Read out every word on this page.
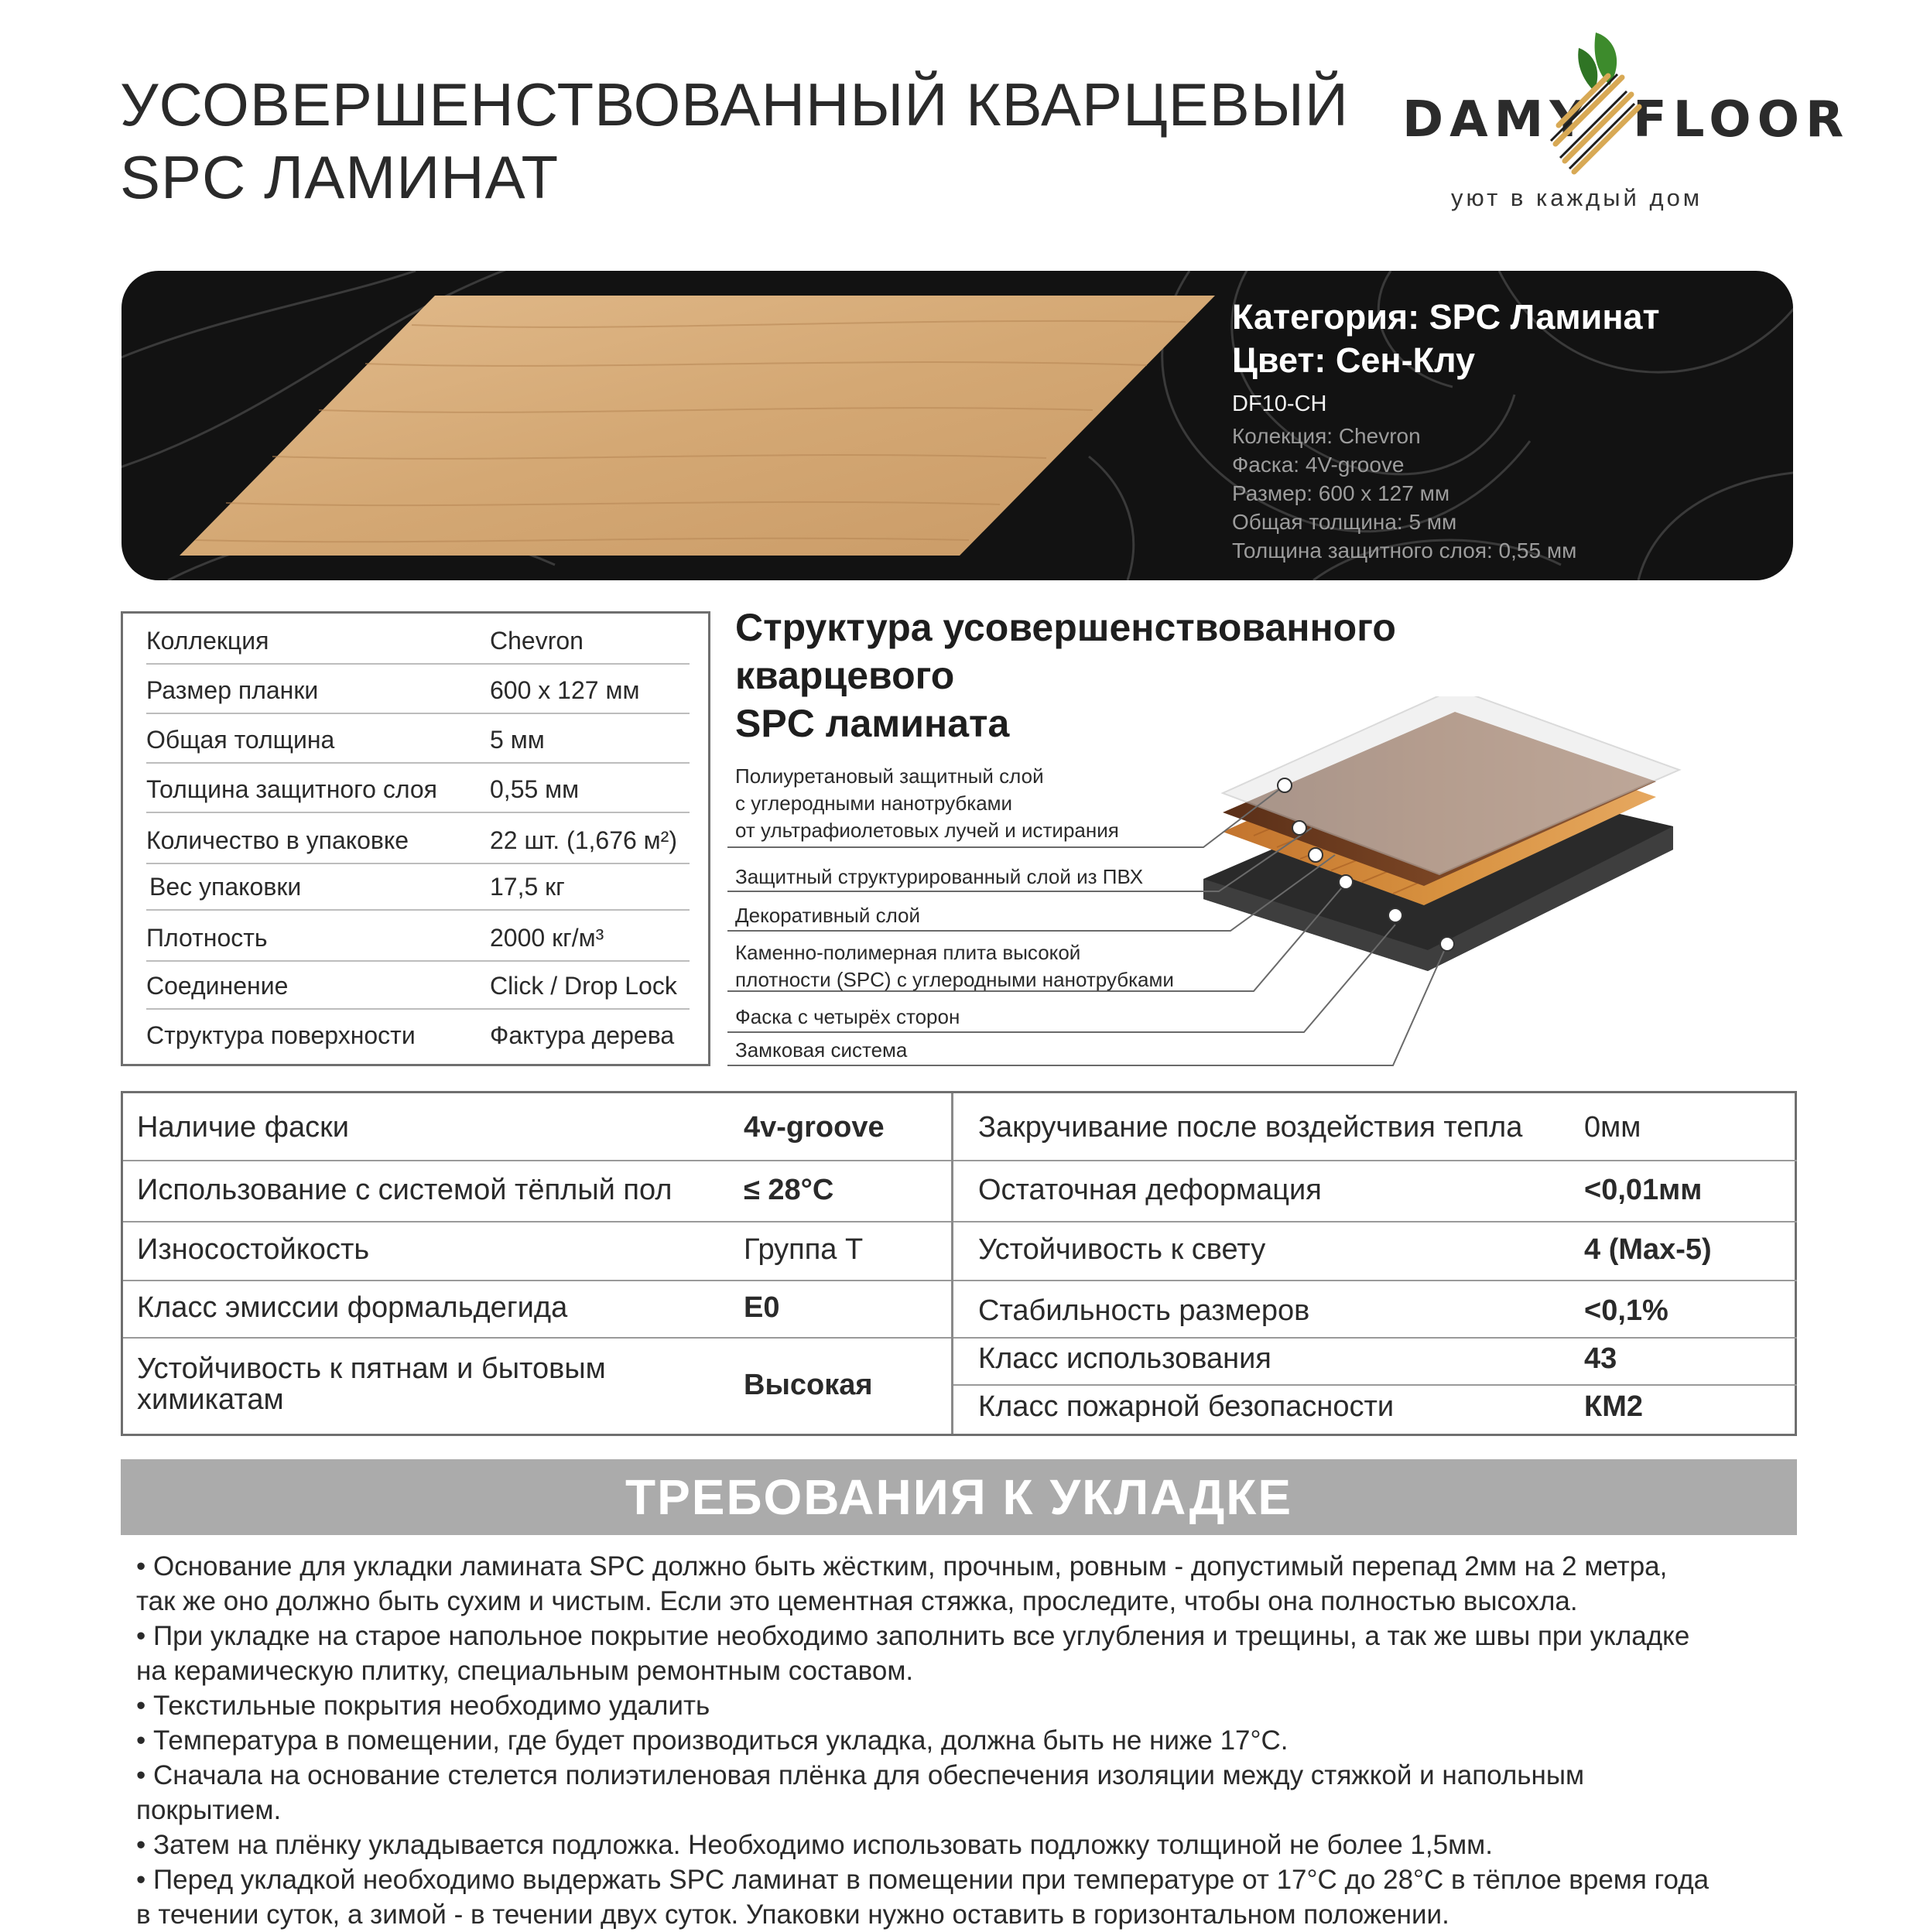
УСОВЕРШЕНСТВОВАННЫЙ КВАРЦЕВЫЙ
SPC ЛАМИНАТ
DAMY FLOOR
уют в каждый дом
Категория: SPC Ламинат
Цвет: Сен-Клу
DF10-CH
Колекция: Chevron
Фаска: 4V-groove
Размер: 600 х 127 мм
Общая толщина: 5 мм
Толщина защитного слоя: 0,55 мм
Коллекция	Chevron
Размер планки	600 х 127 мм
Общая толщина	5 мм
Толщина защитного слоя 0,55 мм
Количество в упаковке	22 шт. (1,676 м²)
Вес упаковки	17,5 кг
Плотность	2000 кг/м³
Соединение	Click / Drop Lock
Структура поверхности	Фактура дерева
Структура усовершенствованного
кварцевого
SPC ламината
Полиуретановый защитный слой
с углеродными нанотрубками
от ультрафиолетовых лучей и истирания
Защитный структурированный слой из ПВХ
Декоративный слой
Каменно-полимерная плита высокой
плотности (SPC) с углеродными нанотрубками
Фаска с четырёх сторон
Замковая система
Наличие фаски	4v-groove
Использование с системой тёплый пол ≤ 28°C
Износостойкость	Группа Т
Класс эмиссии формальдегида	E0
Устойчивость к пятнам и бытовым
химикатам	Высокая
Закручивание после воздействия тепла 0мм
Остаточная деформация	<0,01мм
Устойчивость к свету	4 (Max-5)
Стабильность размеров	<0,1%
Класс использования	43
Класс пожарной безопасности	КМ2
ТРЕБОВАНИЯ К УКЛАДКЕ

• Основание для укладки ламината SPC должно быть жёстким, прочным, ровным - допустимый перепад 2мм на 2 метра,

так же оно должно быть сухим и чистым. Если это цементная стяжка, проследите, чтобы она полностью высохла.

• При укладке на старое напольное покрытие необходимо заполнить все углубления и трещины, а так же швы при укладке

на керамическую плитку, специальным ремонтным составом.

• Текстильные покрытия необходимо удалить

• Температура в помещении, где будет производиться укладка, должна быть не ниже 17°С.

• Сначала на основание стелется полиэтиленовая плёнка для обеспечения изоляции между стяжкой и напольным

покрытием.

• Затем на плёнку укладывается подложка. Необходимо использовать подложку толщиной не более 1,5мм.

• Перед укладкой необходимо выдержать SPC ламинат в помещении при температуре от 17°С до 28°С в тёплое время года

в течении суток, а зимой - в течении двух суток. Упаковки нужно оставить в горизонтальном положении.
